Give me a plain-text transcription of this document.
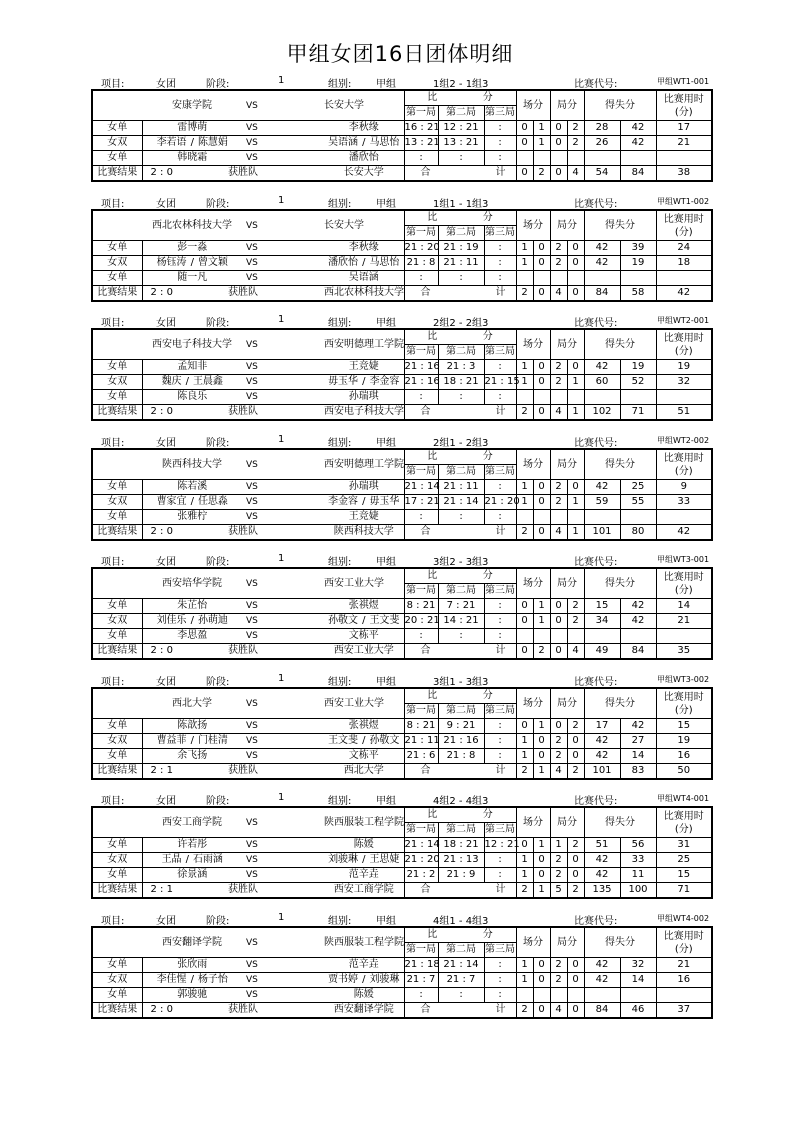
甲组女团16日团体明细
项目:	女团	阶段:	1	组别: 甲组	1组2 - 1组3	比赛代号:	甲组WT1-001
	安康学院		VS	长安大学	比 分			场分		局分		得失分		比赛用时
(分)
					第一局	第二局	第三局							
女单	雷博萌		VS	李秋缘	16 : 21	12 : 21	:	0	1	0	2	28	42	17
女双	李若语 / 陈慧娟		VS	吴语涵 / 马思怡	13 : 21	13 : 21	:	0	1	0	2	26	42	21
女单	韩晓霜		VS	潘欣怡	:	:	:							
比赛结果	2 : 0	获胜队		长安大学	合 计			0	2	0	4	54	84	38
项目:	女团	阶段:	1	组别: 甲组	1组1 - 1组3	比赛代号:	甲组WT1-002
	西北农林科技大学		VS	长安大学	比 分			场分		局分		得失分		比赛用时
(分)
					第一局	第二局	第三局							
女单	彭一淼		VS	李秋缘	21 : 20	21 : 19	:	1	0	2	0	42	39	24
女双	杨钰涛 / 曾文颖		VS	潘欣怡 / 马思怡	21 : 8	21 : 11	:	1	0	2	0	42	19	18
女单	随一凡		VS	吴语涵	:	:	:							
比赛结果	2 : 0	获胜队		西北农林科技大学	合 计			2	0	4	0	84	58	42
项目:	女团	阶段:	1	组别: 甲组	2组2 - 2组3	比赛代号:	甲组WT2-001
	西安电子科技大学		VS	西安明德理工学院	比 分			场分		局分		得失分		比赛用时
(分)
					第一局	第二局	第三局							
女单	孟知非		VS	王竞婕	21 : 16	21 : 3	:	1	0	2	0	42	19	19
女双	魏庆 / 王晨鑫		VS	毋玉华 / 李金容	21 : 16	18 : 21	21 : 15	1	0	2	1	60	52	32
女单	陈良乐		VS	孙瑞琪	:	:	:							
比赛结果	2 : 0	获胜队		西安电子科技大学	合 计			2	0	4	1	102	71	51
项目:	女团	阶段:	1	组别: 甲组	2组1 - 2组3	比赛代号:	甲组WT2-002
	陕西科技大学		VS	西安明德理工学院	比 分			场分		局分		得失分		比赛用时
(分)
					第一局	第二局	第三局							
女单	陈若溪		VS	孙瑞琪	21 : 14	21 : 11	:	1	0	2	0	42	25	9
女双	曹家宜 / 任思淼		VS	李金容 / 毋玉华	17 : 21	21 : 14	21 : 20	1	0	2	1	59	55	33
女单	张雅柠		VS	王竞婕	:	:	:							
比赛结果	2 : 0	获胜队		陕西科技大学	合 计			2	0	4	1	101	80	42
项目:	女团	阶段:	1	组别: 甲组	3组2 - 3组3	比赛代号:	甲组WT3-001
	西安培华学院		VS	西安工业大学	比 分			场分		局分		得失分		比赛用时
(分)
					第一局	第二局	第三局							
女单	朱芷怡		VS	张祺煜	8 : 21	7 : 21	:	0	1	0	2	15	42	14
女双	刘佳乐 / 孙萌迪		VS	孙敬文 / 王文斐	20 : 21	14 : 21	:	0	1	0	2	34	42	21
女单	李思盈		VS	文栋平	:	:	:							
比赛结果	2 : 0	获胜队		西安工业大学	合 计			0	2	0	4	49	84	35
项目:	女团	阶段:	1	组别: 甲组	3组1 - 3组3	比赛代号:	甲组WT3-002
	西北大学		VS	西安工业大学	比 分			场分		局分		得失分		比赛用时
(分)
					第一局	第二局	第三局							
女单	陈歆扬		VS	张祺煜	8 : 21	9 : 21	:	0	1	0	2	17	42	15
女双	曹益菲 / 门桂清		VS	王文斐 / 孙敬文	21 : 11	21 : 16	:	1	0	2	0	42	27	19
女单	余飞扬		VS	文栋平	21 : 6	21 : 8	:	1	0	2	0	42	14	16
比赛结果	2 : 1	获胜队		西北大学	合 计			2	1	4	2	101	83	50
项目:	女团	阶段:	1	组别: 甲组	4组2 - 4组3	比赛代号:	甲组WT4-001
	西安工商学院		VS	陕西服装工程学院	比 分			场分		局分		得失分		比赛用时
(分)
					第一局	第二局	第三局							
女单	许若彤		VS	陈媛	21 : 14	18 : 21	12 : 21	0	1	1	2	51	56	31
女双	王晶 / 石雨涵		VS	刘骏琳 / 王思婕	21 : 20	21 : 13	:	1	0	2	0	42	33	25
女单	徐景涵		VS	范辛垚	21 : 2	21 : 9	:	1	0	2	0	42	11	15
比赛结果	2 : 1	获胜队		西安工商学院	合 计			2	1	5	2	135	100	71
项目:	女团	阶段:	1	组别: 甲组	4组1 - 4组3	比赛代号:	甲组WT4-002
	西安翻译学院		VS	陕西服装工程学院	比 分			场分		局分		得失分		比赛用时
(分)
					第一局	第二局	第三局							
女单	张欣雨		VS	范辛垚	21 : 18	21 : 14	:	1	0	2	0	42	32	21
女双	李佳惺 / 杨子怡		VS	贾书婷 / 刘骏琳	21 : 7	21 : 7	:	1	0	2	0	42	14	16
女单	郭骏驰		VS	陈媛	:	:	:							
比赛结果	2 : 0	获胜队		西安翻译学院	合 计			2	0	4	0	84	46	37
